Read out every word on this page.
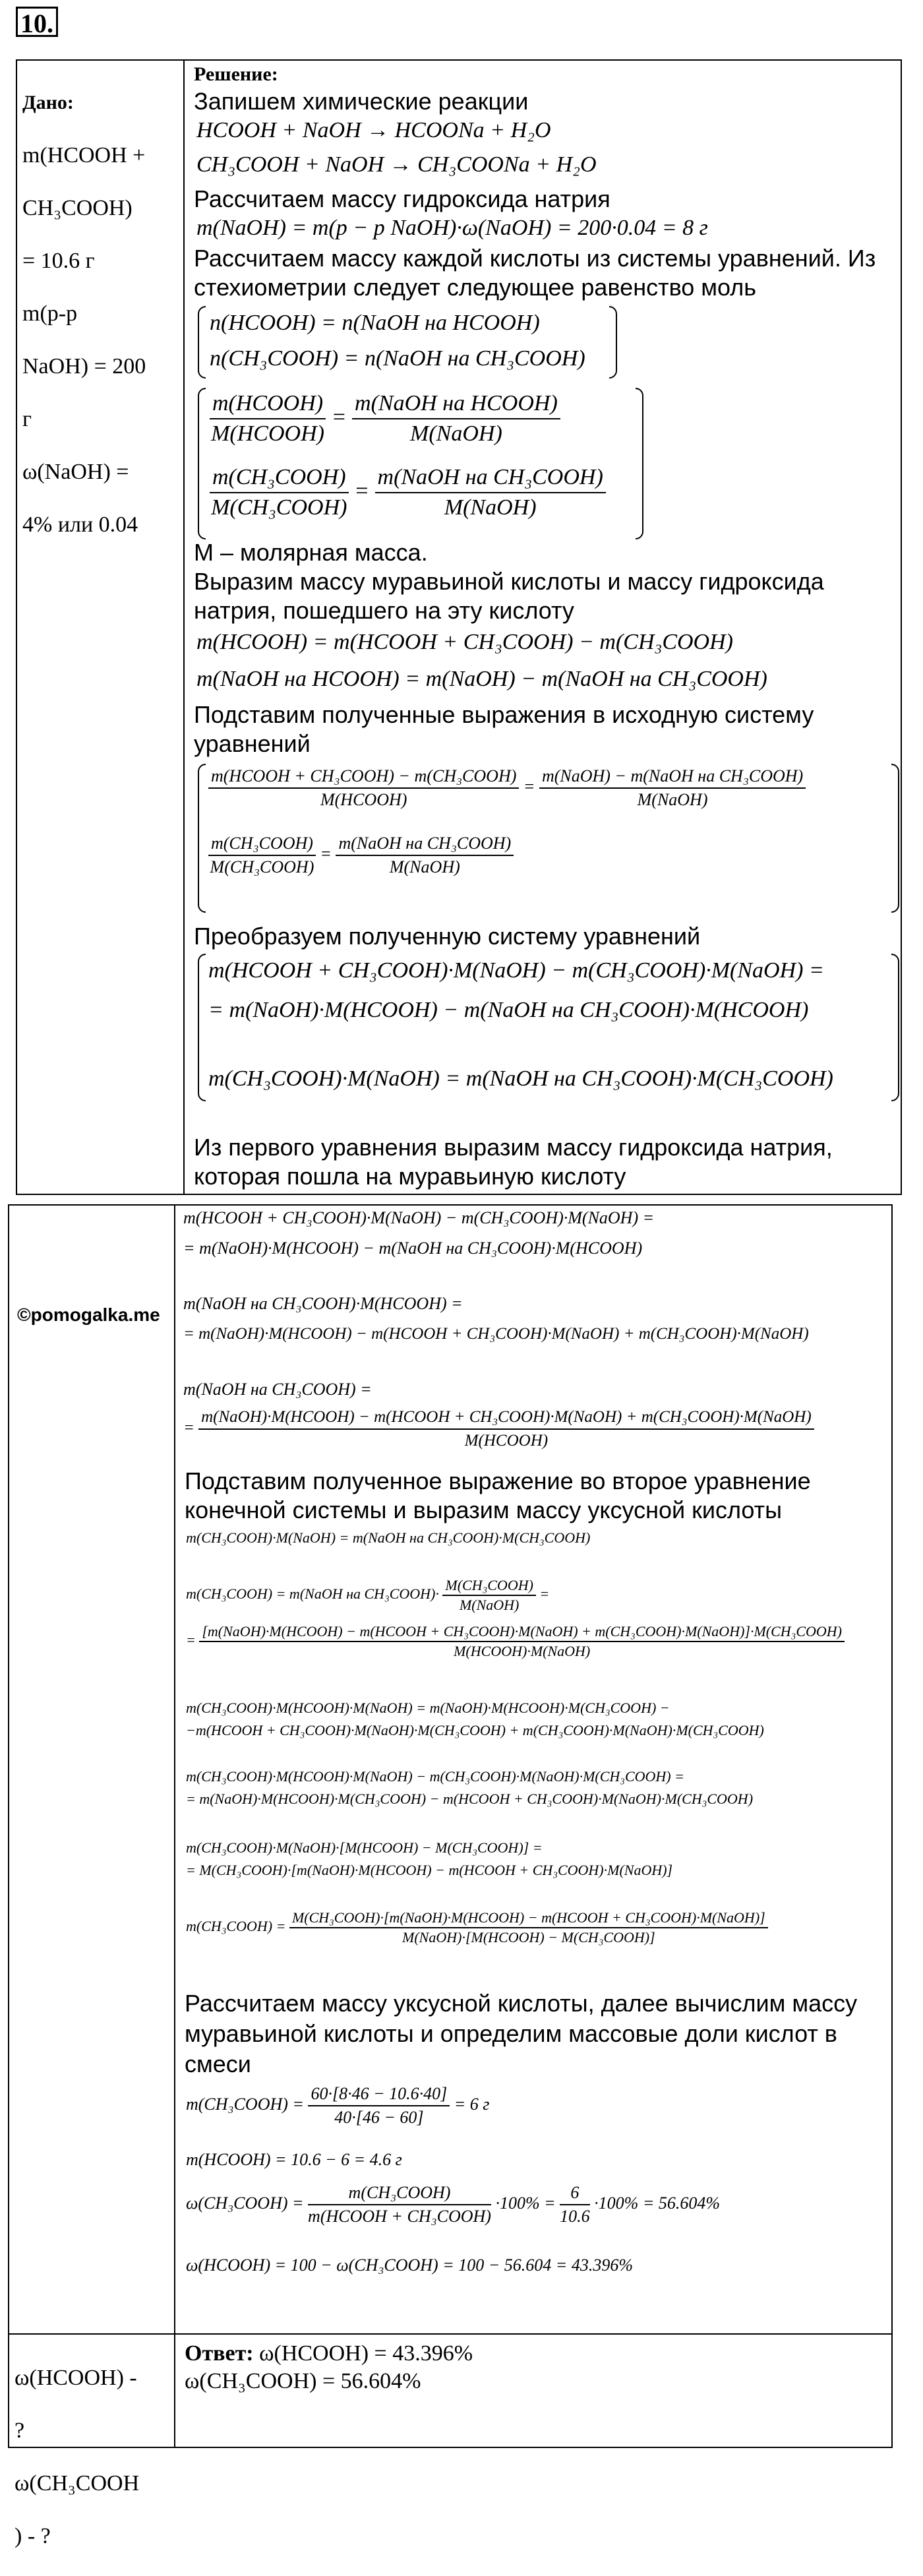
10.

Дано:

m(HCOOH +

CH₃COOH)

= 10.6 г

m(р-р

NaOH) = 200

г

ω(NaOH) =

4% или 0.04

Решение:
Запишем химические реакции
HCOOH + NaOH → HCOONa + H₂O
CH₃COOH + NaOH → CH₃COONa + H₂O
Рассчитаем массу гидроксида натрия
m(NaOH) = m(р − р NaOH)·ω(NaOH) = 200·0.04 = 8 г
Рассчитаем массу каждой кислоты из системы уравнений. Из
стехиометрии следует следующее равенство моль
n(HCOOH) = n(NaOH на HCOOH)
n(CH₃COOH) = n(NaOH на CH₃COOH)
$\frac{\text{m(HCOOH)}}{\text{M(HCOOH)}} = \frac{\text{m(NaOH на HCOOH)}}{\text{M(NaOH)}}$
$\frac{\text{m(CH₃COOH)}}{\text{M(CH₃COOH)}} = \frac{\text{m(NaOH на CH₃COOH)}}{\text{M(NaOH)}}$
M – молярная масса.
Выразим массу муравьиной кислоты и массу гидроксида
натрия, пошедшего на эту кислоту
m(HCOOH) = m(HCOOH + CH₃COOH) − m(CH₃COOH)
m(NaOH на HCOOH) = m(NaOH) − m(NaOH на CH₃COOH)
Подставим полученные выражения в исходную систему
уравнений
$\frac{\text{m(HCOOH + CH₃COOH) − m(CH₃COOH)}}{\text{M(HCOOH)}} = \frac{\text{m(NaOH) − m(NaOH на CH₃COOH)}}{\text{M(NaOH)}}$
$\frac{\text{m(CH₃COOH)}}{\text{M(CH₃COOH)}} = \frac{\text{m(NaOH на CH₃COOH)}}{\text{M(NaOH)}}$
Преобразуем полученную систему уравнений
m(HCOOH + CH₃COOH)·M(NaOH) − m(CH₃COOH)·M(NaOH) =
= m(NaOH)·M(HCOOH) − m(NaOH на CH₃COOH)·M(HCOOH)
m(CH₃COOH)·M(NaOH) = m(NaOH на CH₃COOH)·M(CH₃COOH)
Из первого уравнения выразим массу гидроксида натрия,
которая пошла на муравьиную кислоту
©pomogalka.me
m(HCOOH + CH₃COOH)·M(NaOH) − m(CH₃COOH)·M(NaOH) =
= m(NaOH)·M(HCOOH) − m(NaOH на CH₃COOH)·M(HCOOH)
m(NaOH на CH₃COOH)·M(HCOOH) =
= m(NaOH)·M(HCOOH) − m(HCOOH + CH₃COOH)·M(NaOH) + m(CH₃COOH)·M(NaOH)
m(NaOH на CH₃COOH) =
=
m(NaOH)·M(HCOOH) − m(HCOOH + CH₃COOH)·M(NaOH) + m(CH₃COOH)·M(NaOH)
M(HCOOH)
Подставим полученное выражение во второе уравнение
конечной системы и выразим массу уксусной кислоты
m(CH₃COOH)·M(NaOH) = m(NaOH на CH₃COOH)·M(CH₃COOH)
m(CH₃COOH) = m(NaOH на CH₃COOH)· $\frac{\text{M(CH₃COOH)}}{\text{M(NaOH)}}$ =
=
[m(NaOH)·M(HCOOH) − m(HCOOH + CH₃COOH)·M(NaOH) + m(CH₃COOH)·M(NaOH)]·M(CH₃COOH)
M(HCOOH)·M(NaOH)
m(CH₃COOH)·M(HCOOH)·M(NaOH) = m(NaOH)·M(HCOOH)·M(CH₃COOH) −
−m(HCOOH + CH₃COOH)·M(NaOH)·M(CH₃COOH) + m(CH₃COOH)·M(NaOH)·M(CH₃COOH)
m(CH₃COOH)·M(HCOOH)·M(NaOH) − m(CH₃COOH)·M(NaOH)·M(CH₃COOH) =
= m(NaOH)·M(HCOOH)·M(CH₃COOH) − m(HCOOH + CH₃COOH)·M(NaOH)·M(CH₃COOH)
m(CH₃COOH)·M(NaOH)·[M(HCOOH) − M(CH₃COOH)] =
= M(CH₃COOH)·[m(NaOH)·M(HCOOH) − m(HCOOH + CH₃COOH)·M(NaOH)]
m(CH₃COOH) = $\frac{\text{M(CH₃COOH)·[m(NaOH)·M(HCOOH) − m(HCOOH + CH₃COOH)·M(NaOH)]}}{\text{M(NaOH)·[M(HCOOH) − M(CH₃COOH)]}}$
Рассчитаем массу уксусной кислоты, далее вычислим массу
муравьиной кислоты и определим массовые доли кислот в
смеси
m(CH₃COOH) = $\frac{60\cdot[8\cdot 46 - 10.6\cdot 40]}{40\cdot[46 - 60]} = 6$ г
m(HCOOH) = 10.6 − 6 = 4.6 г
ω(CH₃COOH) = $\frac{\text{m(CH₃COOH)}}{\text{m(HCOOH + CH₃COOH)}} \cdot 100\% = \frac{6}{10.6} \cdot 100\% = 56.604\%$
ω(HCOOH) = 100 − ω(CH₃COOH) = 100 − 56.604 = 43.396%

ω(HCOOH) -

?

ω(CH₃COOH

) - ?

Ответ: ω(HCOOH) = 43.396%
ω(CH₃COOH) = 56.604%
